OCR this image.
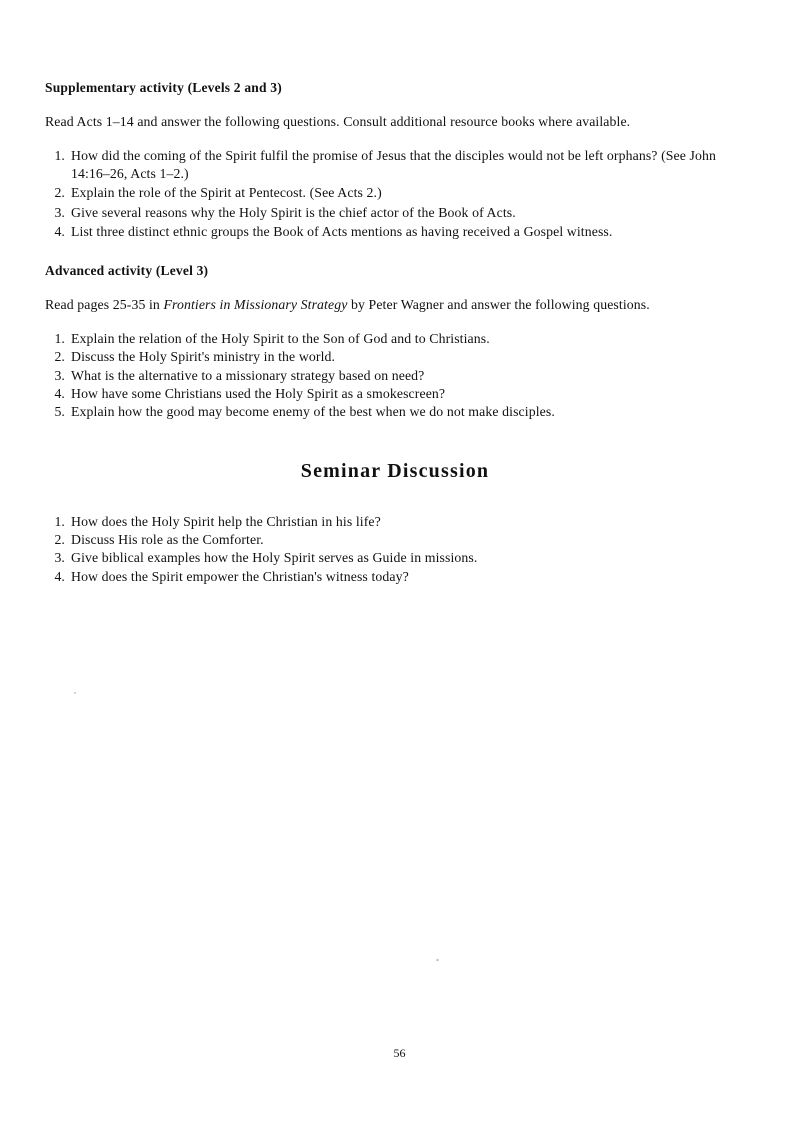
Supplementary activity (Levels 2 and 3)

Read Acts 1–14 and answer the following questions. Consult additional resource books where available.

1. How did the coming of the Spirit fulfil the promise of Jesus that the disciples would not be left orphans? (See John 14:16–26, Acts 1–2.)
2. Explain the role of the Spirit at Pentecost. (See Acts 2.)
3. Give several reasons why the Holy Spirit is the chief actor of the Book of Acts.
4. List three distinct ethnic groups the Book of Acts mentions as having received a Gospel witness.
Advanced activity (Level 3)

Read pages 25-35 in Frontiers in Missionary Strategy by Peter Wagner and answer the following questions.

1. Explain the relation of the Holy Spirit to the Son of God and to Christians.
2. Discuss the Holy Spirit's ministry in the world.
3. What is the alternative to a missionary strategy based on need?
4. How have some Christians used the Holy Spirit as a smokescreen?
5. Explain how the good may become enemy of the best when we do not make disciples.
Seminar Discussion
1. How does the Holy Spirit help the Christian in his life?
2. Discuss His role as the Comforter.
3. Give biblical examples how the Holy Spirit serves as Guide in missions.
4. How does the Spirit empower the Christian's witness today?
56
